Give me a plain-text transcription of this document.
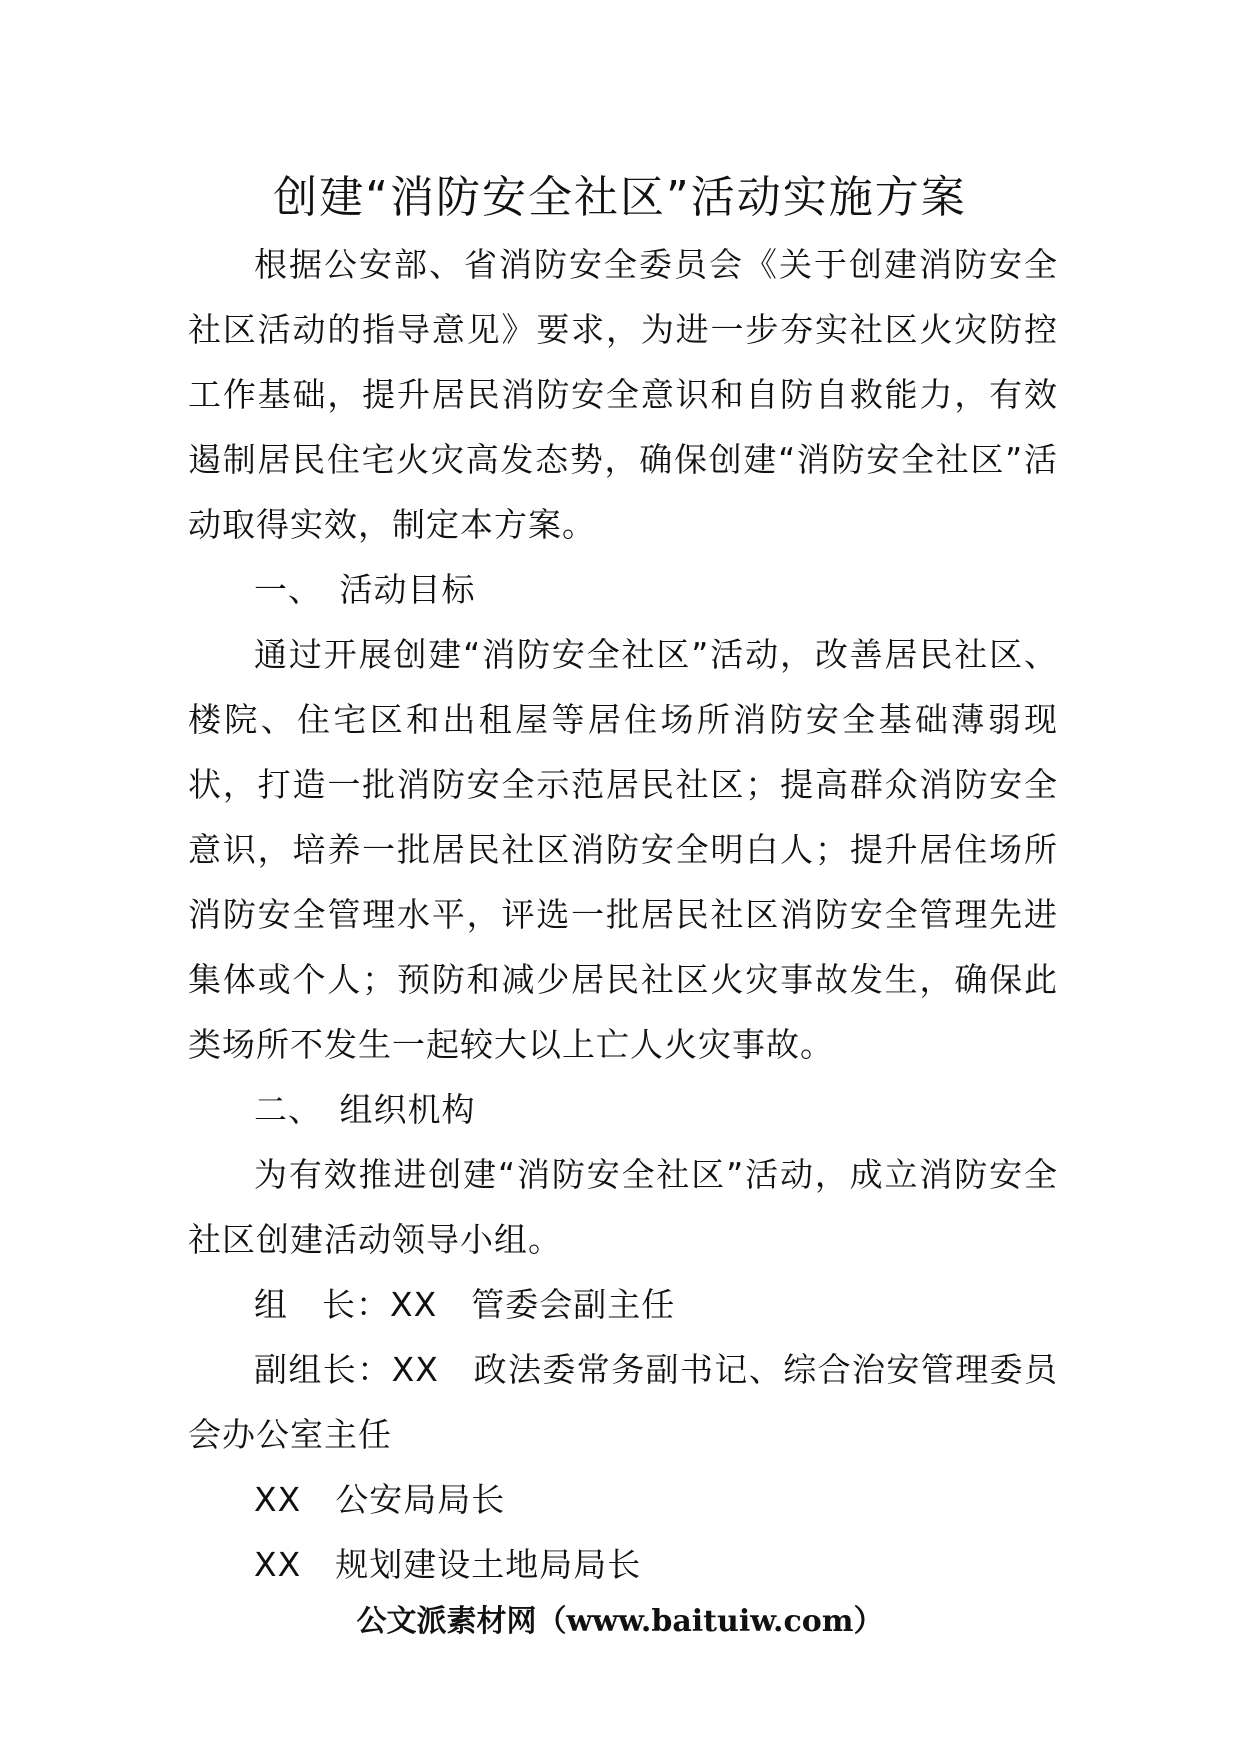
创建“消防安全社区”活动实施方案

根据公安部、省消防安全委员会《关于创建消防安全社区活动的指导意见》要求，为进一步夯实社区火灾防控工作基础，提升居民消防安全意识和自防自救能力，有效遏制居民住宅火灾高发态势，确保创建“消防安全社区”活动取得实效，制定本方案。

一、　活动目标

通过开展创建“消防安全社区”活动，改善居民社区、楼院、住宅区和出租屋等居住场所消防安全基础薄弱现状，打造一批消防安全示范居民社区；提高群众消防安全意识，培养一批居民社区消防安全明白人；提升居住场所消防安全管理水平，评选一批居民社区消防安全管理先进集体或个人；预防和减少居民社区火灾事故发生，确保此类场所不发生一起较大以上亡人火灾事故。

二、　组织机构

为有效推进创建“消防安全社区”活动，成立消防安全社区创建活动领导小组。

组　长：XX　管委会副主任

副组长：XX　政法委常务副书记、综合治安管理委员会办公室主任

XX　公安局局长

XX　规划建设土地局局长

公文派素材网（www.baituiw.com）
